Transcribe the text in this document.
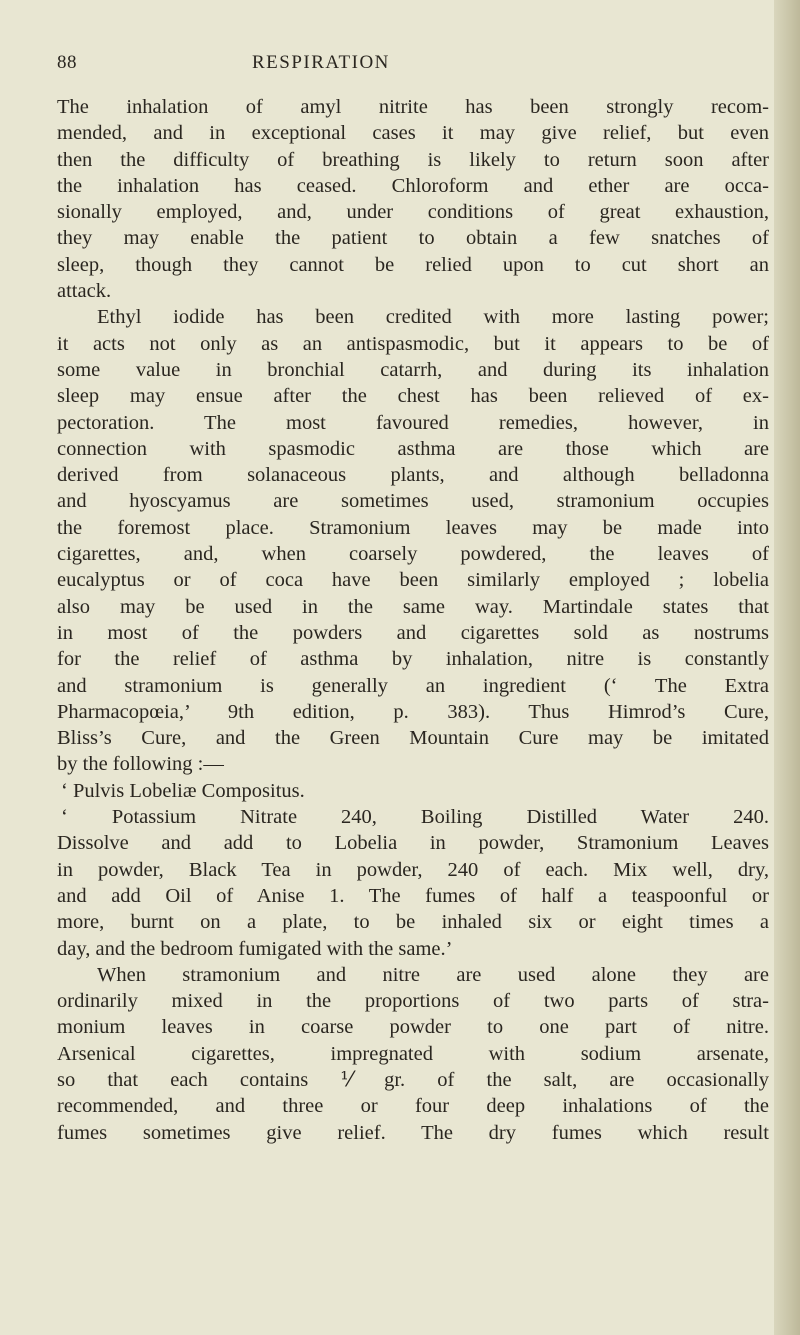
88	RESPIRATION
The inhalation of amyl nitrite has been strongly recom-
mended, and in exceptional cases it may give relief, but even
then the difficulty of breathing is likely to return soon after
the inhalation has ceased. Chloroform and ether are occa-
sionally employed, and, under conditions of great exhaustion,
they may enable the patient to obtain a few snatches of
sleep, though they cannot be relied upon to cut short an
attack.
Ethyl iodide has been credited with more lasting power;
it acts not only as an antispasmodic, but it appears to be of
some value in bronchial catarrh, and during its inhalation
sleep may ensue after the chest has been relieved of ex-
pectoration. The most favoured remedies, however, in
connection with spasmodic asthma are those which are
derived from solanaceous plants, and although belladonna
and hyoscyamus are sometimes used, stramonium occupies
the foremost place. Stramonium leaves may be made into
cigarettes, and, when coarsely powdered, the leaves of
eucalyptus or of coca have been similarly employed ; lobelia
also may be used in the same way. Martindale states that
in most of the powders and cigarettes sold as nostrums
for the relief of asthma by inhalation, nitre is constantly
and stramonium is generally an ingredient (‘ The Extra
Pharmacopœia,’ 9th edition, p. 383). Thus Himrod’s Cure,
Bliss’s Cure, and the Green Mountain Cure may be imitated
by the following :—
‘ Pulvis Lobeliæ Compositus.
‘ Potassium Nitrate 240, Boiling Distilled Water 240.
Dissolve and add to Lobelia in powder, Stramonium Leaves
in powder, Black Tea in powder, 240 of each. Mix well, dry,
and add Oil of Anise 1. The fumes of half a teaspoonful or
more, burnt on a plate, to be inhaled six or eight times a
day, and the bedroom fumigated with the same.’
When stramonium and nitre are used alone they are
ordinarily mixed in the proportions of two parts of stra-
monium leaves in coarse powder to one part of nitre.
Arsenical cigarettes, impregnated with sodium arsenate,
so that each contains ⅟ gr. of the salt, are occasionally
recommended, and three or four deep inhalations of the
fumes sometimes give relief. The dry fumes which result
